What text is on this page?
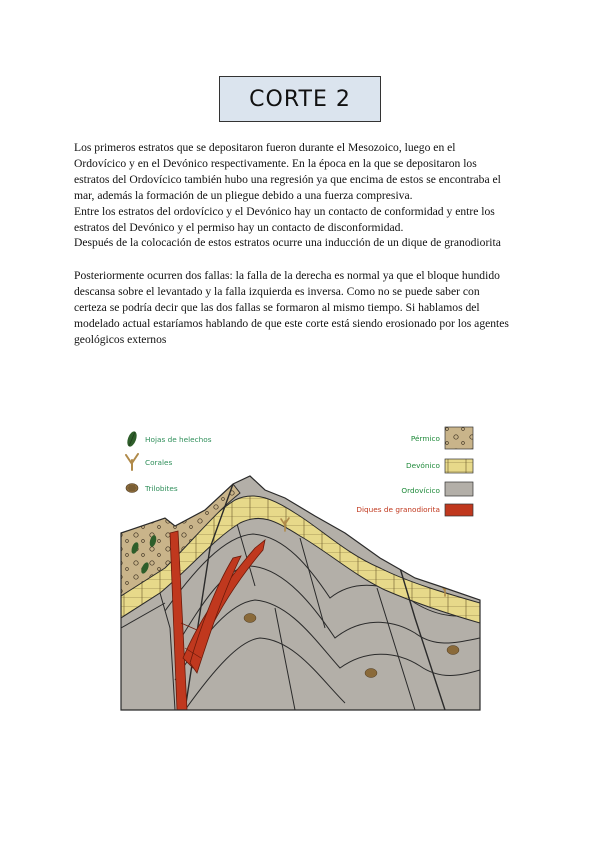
CORTE 2
Los primeros estratos que se depositaron fueron durante el Mesozoico, luego en el
Ordovícico y en el Devónico respectivamente. En la época en la que se depositaron los
estratos del Ordovícico también hubo una regresión ya que encima de estos se encontraba el
mar, además la formación de un pliegue debido a una fuerza compresiva.
Entre los estratos del ordovícico y el Devónico hay un contacto de conformidad y entre los
estratos del Devónico y el permiso hay un contacto de disconformidad.
Después de la colocación de estos estratos ocurre una inducción de un dique de granodiorita
Posteriormente ocurren dos fallas: la falla de la derecha es normal ya que el bloque hundido
descansa sobre el levantado y la falla izquierda es inversa. Como no se puede saber con
certeza se podría decir que las dos fallas se formaron al mismo tiempo. Si hablamos del
modelado actual estaríamos hablando de que este corte está siendo erosionado por los agentes
geológicos externos
Hojas de helechos
Corales
Trilobites
Pérmico
Devónico
Ordovícico
Diques de granodiorita
